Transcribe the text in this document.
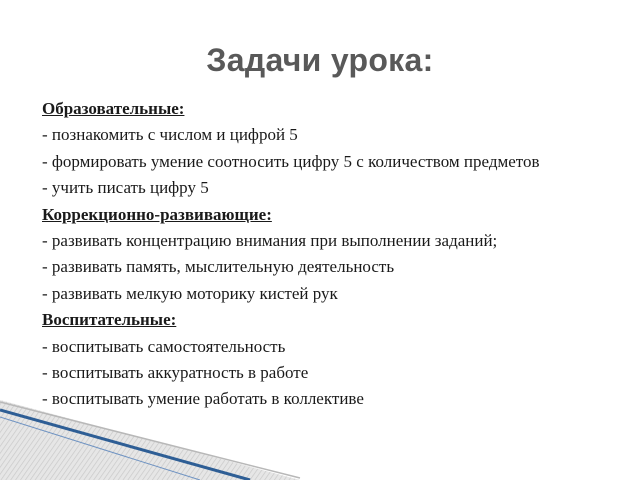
Задачи урока:
Образовательные:
- познакомить с числом и цифрой 5
- формировать умение соотносить цифру 5 с количеством предметов
- учить писать цифру 5
Коррекционно-развивающие:
- развивать концентрацию внимания при выполнении заданий;
- развивать память, мыслительную деятельность
- развивать мелкую моторику кистей рук
Воспитательные:
- воспитывать самостоятельность
- воспитывать аккуратность в работе
- воспитывать умение работать в коллективе
